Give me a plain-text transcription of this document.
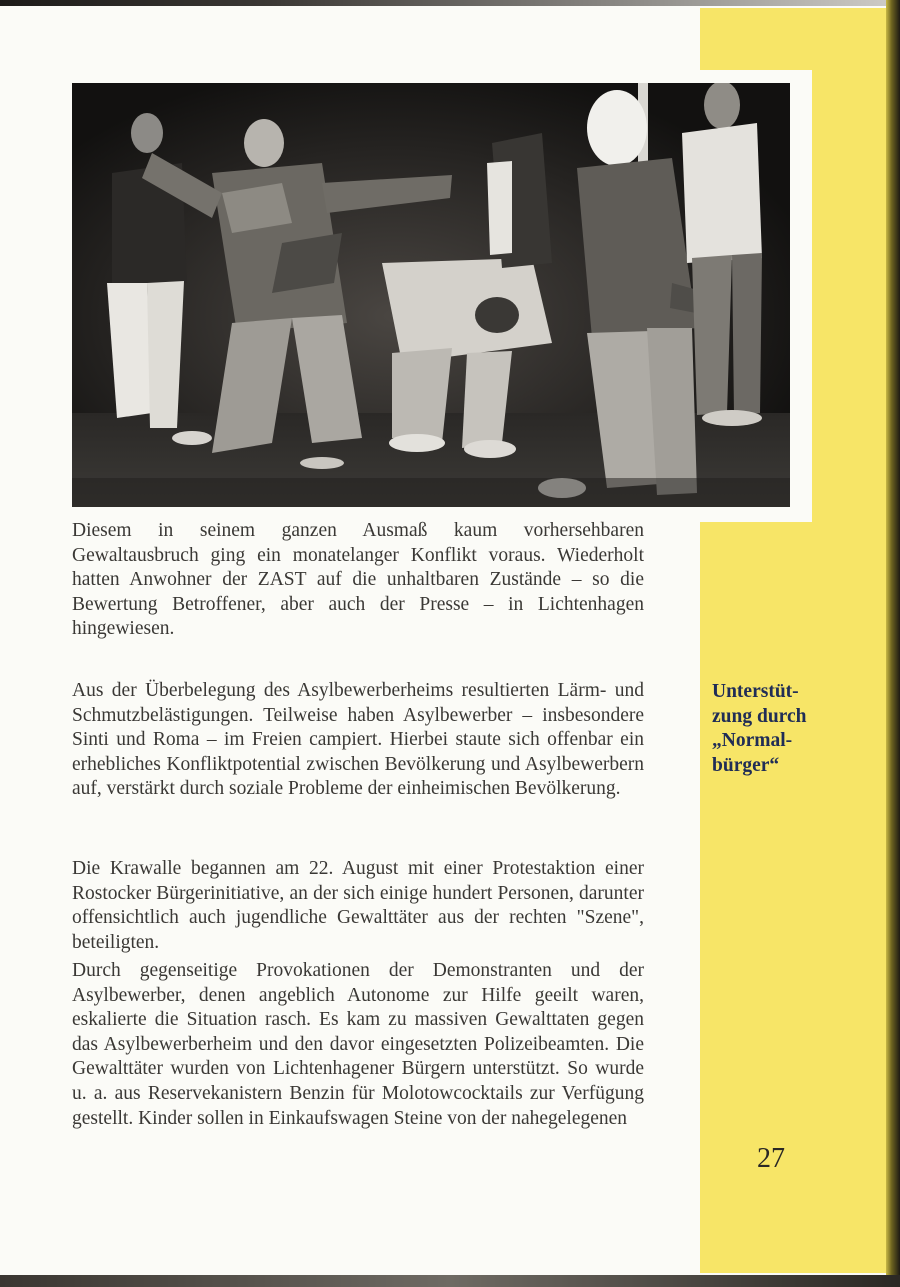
Diesem in seinem ganzen Ausmaß kaum vorhersehbaren Gewaltausbruch ging ein monatelanger Konflikt voraus. Wiederholt hatten Anwohner der ZAST auf die unhaltbaren Zustände – so die Bewertung Betroffener, aber auch der Presse – in Lichtenhagen hingewiesen.

Aus der Überbelegung des Asylbewerberheims resultierten Lärm- und Schmutzbelästigungen. Teilweise haben Asylbewerber – insbesondere Sinti und Roma – im Freien campiert. Hierbei staute sich offenbar ein erhebliches Konfliktpotential zwischen Bevölkerung und Asylbewerbern auf, verstärkt durch soziale Probleme der einheimischen Bevölkerung.

Die Krawalle begannen am 22. August mit einer Protestaktion einer Rostocker Bürgerinitiative, an der sich einige hundert Personen, darunter offensichtlich auch jugendliche Gewalttäter aus der rechten "Szene", beteiligten.

Durch gegenseitige Provokationen der Demonstranten und der Asylbewerber, denen angeblich Autonome zur Hilfe geeilt waren, eskalierte die Situation rasch. Es kam zu massiven Gewalttaten gegen das Asylbewerberheim und den davor eingesetzten Polizeibeamten. Die Gewalttäter wurden von Lichtenhagener Bürgern unterstützt. So wurde u. a. aus Reservekanistern Benzin für Molotowcocktails zur Verfügung gestellt. Kinder sollen in Einkaufswagen Steine von der nahegelegenen

Unterstüt-
zung durch
„Normal-
bürger“
27
